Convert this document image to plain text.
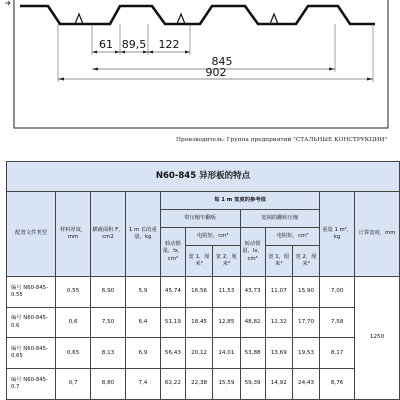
61 89,5 122
845
902
Производитель: Группа предприятий "СТАЛЬНЫЕ КОНСТРУКЦИИ"
N60-845 异形板的特点											
配置文件类型	材料厚度，mm	横截面积 F，cm2	1 m 长的重量，kg	每 1 m 宽度的参考值						重量 1 m²，kg	计算宽度，mm
				带压缩窄翻板			宽阔的翻转压缩				
				转动惯量，Ix，cm⁴	电阻矩，cm³		转动惯量，Ix，cm⁴	电阻矩，cm³			
					宽 1，厘米³	宽 2，厘米³		宽 1，厘米³	宽 2，厘米³		
编号 N60-845-0.55	0,55	6,90	5,9	45,74	16,56	11,53	43,73	11,07	15,90	7,00	1250
编号 N60-845-0.6	0,6	7,50	6,4	51,19	18,45	12,85	48,82	12,32	17,70	7,58	
编号 N60-845-0.65	0,65	8,13	6,9	56,43	20,12	14,01	53,88	13,69	19,53	8,17	
编号 N60-845-0.7	0,7	8,80	7,4	62,22	22,38	15,59	59,39	14,92	24,43	8,76	
